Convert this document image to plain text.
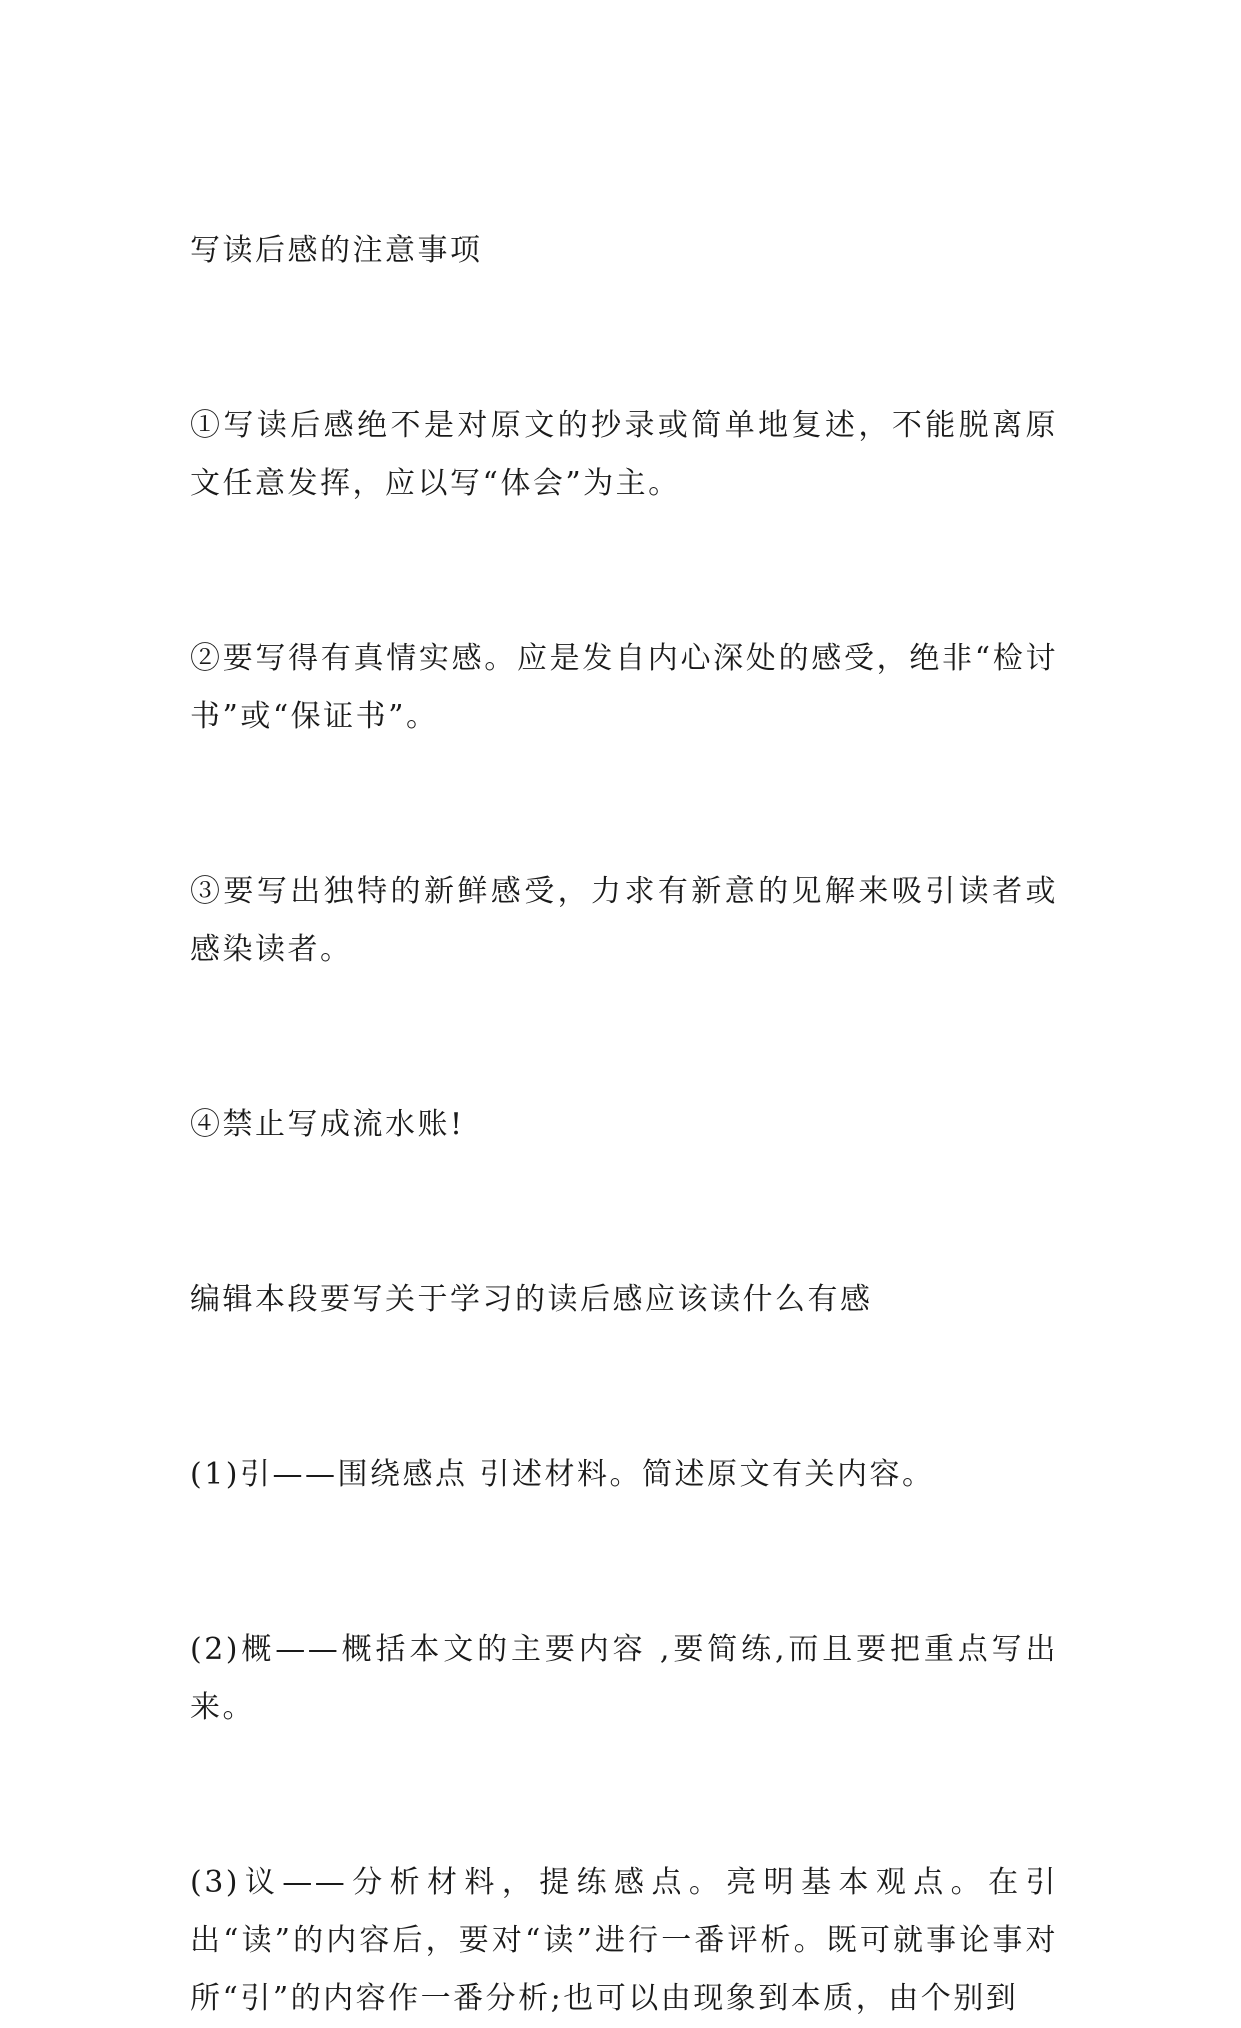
写读后感的注意事项

①写读后感绝不是对原文的抄录或简单地复述，不能脱离原文任意发挥，应以写“体会”为主。

②要写得有真情实感。应是发自内心深处的感受，绝非“检讨书”或“保证书”。

③要写出独特的新鲜感受，力求有新意的见解来吸引读者或感染读者。

④禁止写成流水账!

编辑本段要写关于学习的读后感应该读什么有感

(1)引——围绕感点 引述材料。简述原文有关内容。

(2)概——概括本文的主要内容 ,要简练,而且要把重点写出来。

(3)议——分析材料，提练感点。亮明基本观点。在引出“读”的内容后，要对“读”进行一番评析。既可就事论事对所“引”的内容作一番分析;也可以由现象到本质，由个别到
